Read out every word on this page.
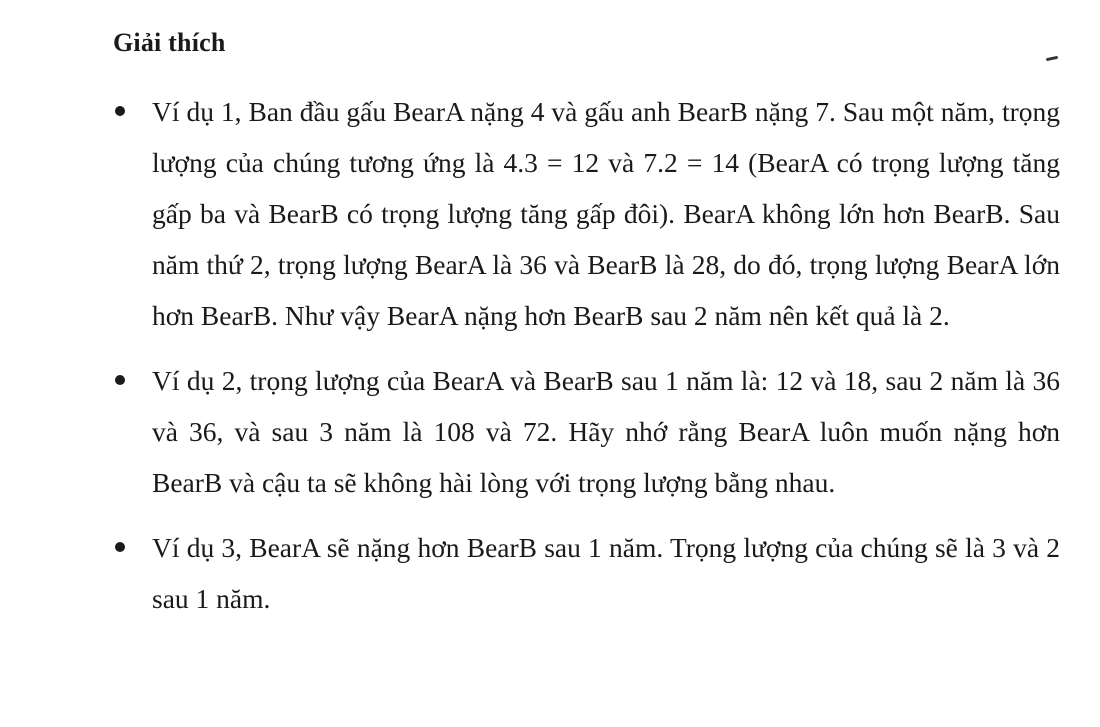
Giải thích
Ví dụ 1, Ban đầu gấu BearA nặng 4 và gấu anh BearB nặng 7. Sau một năm, trọng lượng của chúng tương ứng là 4.3 = 12 và 7.2 = 14 (BearA có trọng lượng tăng gấp ba và BearB có trọng lượng tăng gấp đôi). BearA không lớn hơn BearB. Sau năm thứ 2, trọng lượng BearA là 36 và BearB là 28, do đó, trọng lượng BearA lớn hơn BearB. Như vậy BearA nặng hơn BearB sau 2 năm nên kết quả là 2.
Ví dụ 2, trọng lượng của BearA và BearB sau 1 năm là: 12 và 18, sau 2 năm là 36 và 36, và sau 3 năm là 108 và 72. Hãy nhớ rằng BearA luôn muốn nặng hơn BearB và cậu ta sẽ không hài lòng với trọng lượng bằng nhau.
Ví dụ 3, BearA sẽ nặng hơn BearB sau 1 năm. Trọng lượng của chúng sẽ là 3 và 2 sau 1 năm.
